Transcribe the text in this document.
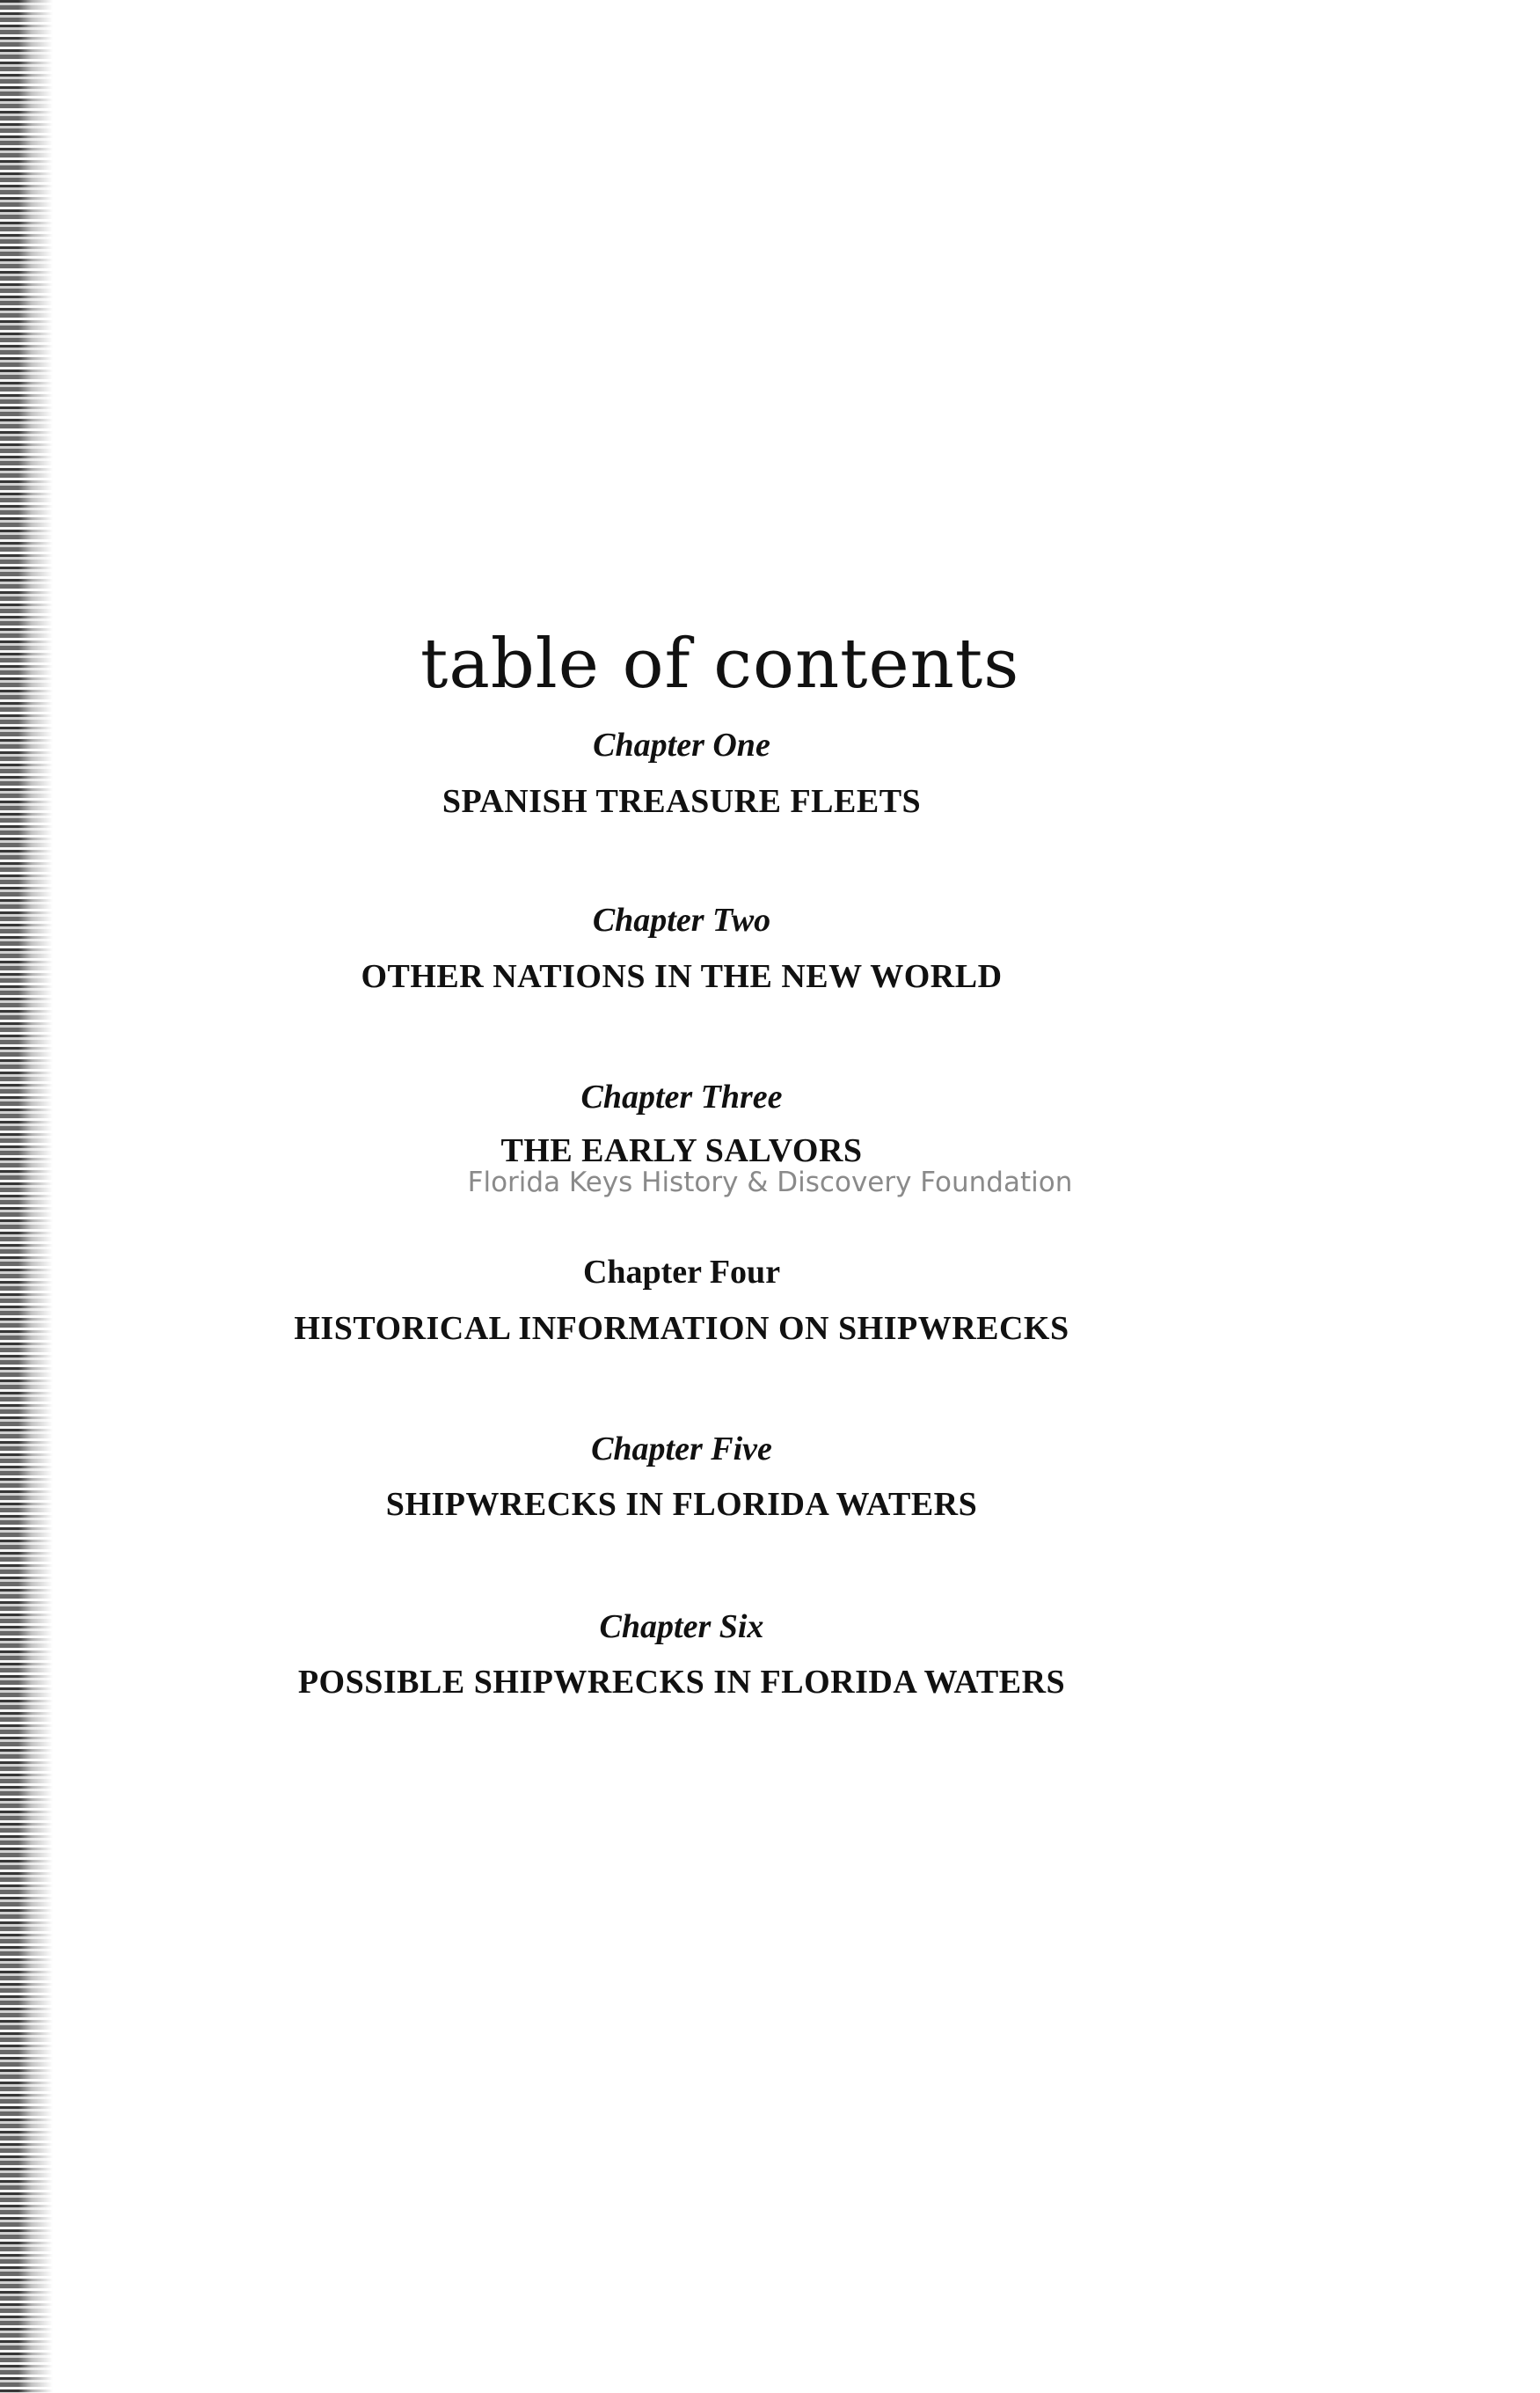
table of contents
Chapter One
SPANISH TREASURE FLEETS
Chapter Two
OTHER NATIONS IN THE NEW WORLD
Chapter Three
THE EARLY SALVORS
Chapter Four
HISTORICAL INFORMATION ON SHIPWRECKS
Chapter Five
SHIPWRECKS IN FLORIDA WATERS
Chapter Six
POSSIBLE SHIPWRECKS IN FLORIDA WATERS
Florida Keys History & Discovery Foundation
